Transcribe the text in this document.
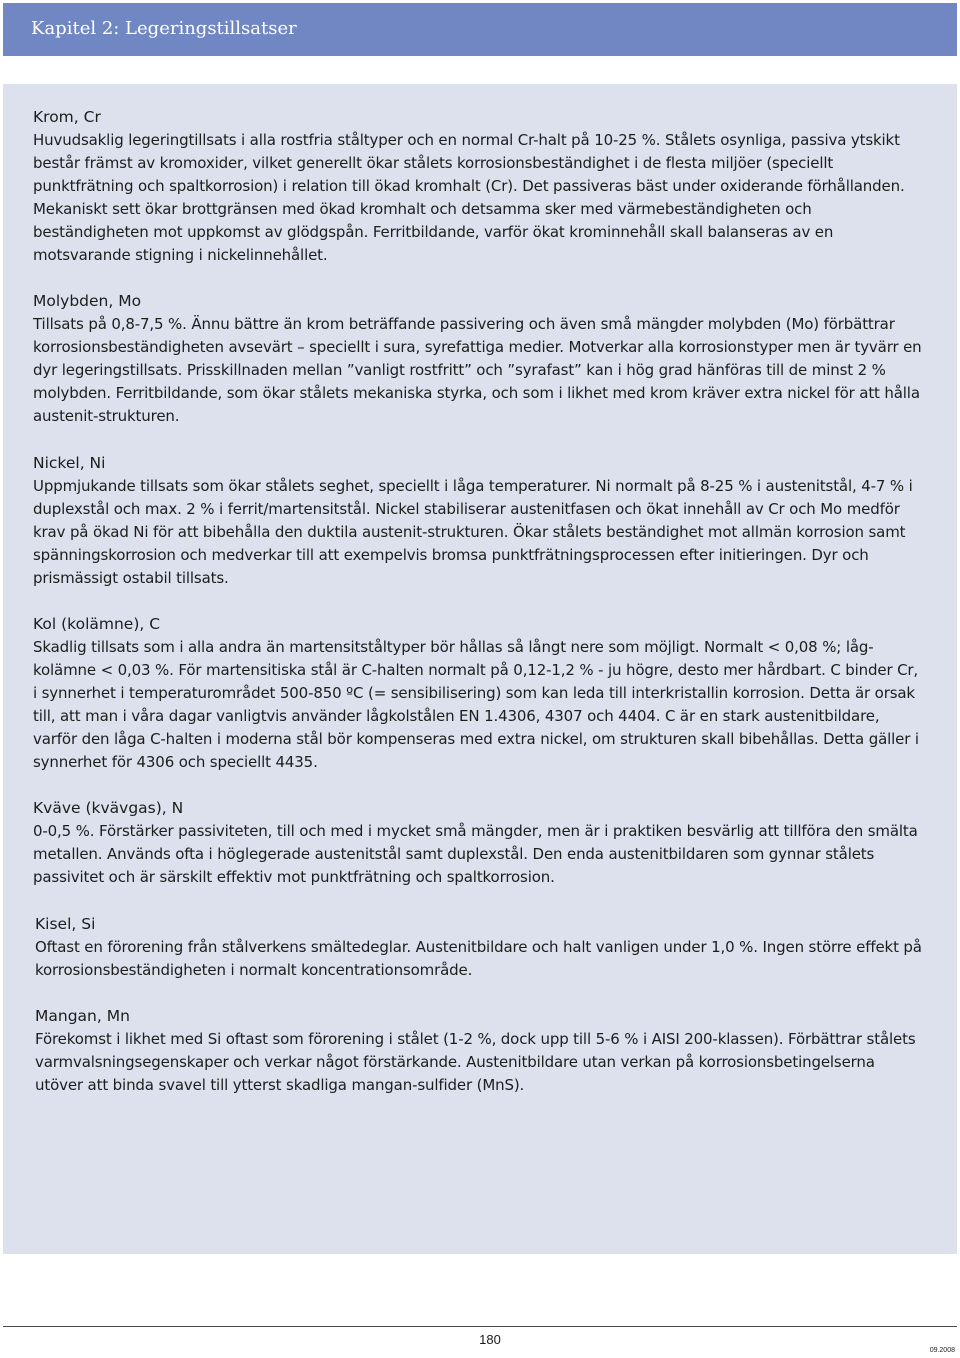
Kapitel 2: Legeringstillsatser

Krom, Cr

Huvudsaklig legeringtillsats i alla rostfria ståltyper och en normal Cr-halt på 10-25 %. Stålets osynliga, passiva ytskikt består främst av kromoxider, vilket generellt ökar stålets korrosionsbeständighet i de flesta miljöer (speciellt punktfrätning och spaltkorrosion) i relation till ökad kromhalt (Cr). Det passiveras bäst under oxiderande förhållanden. Mekaniskt sett ökar brottgränsen med ökad kromhalt och detsamma sker med värmebeständigheten och beständigheten mot uppkomst av glödgspån. Ferritbildande, varför ökat krominnehåll skall balanseras av en motsvarande stigning i nickelinnehållet.

Molybden, Mo

Tillsats på 0,8-7,5 %. Ännu bättre än krom beträffande passivering och även små mängder molybden (Mo) förbättrar korrosionsbeständigheten avsevärt – speciellt i sura, syrefattiga medier. Motverkar alla korrosionstyper men är tyvärr en dyr legeringstillsats. Prisskillnaden mellan ”vanligt rostfritt” och ”syrafast” kan i hög grad hänföras till de minst 2 % molybden. Ferritbildande, som ökar stålets mekaniska styrka, och som i likhet med krom kräver extra nickel för att hålla austenit-strukturen.

Nickel, Ni

Uppmjukande tillsats som ökar stålets seghet, speciellt i låga temperaturer. Ni normalt på 8-25 % i austenitstål, 4-7 % i duplexstål och max. 2 % i ferrit/martensitstål. Nickel stabiliserar austenitfasen och ökat innehåll av Cr och Mo medför krav på ökad Ni för att bibehålla den duktila austenit-strukturen. Ökar stålets beständighet mot allmän korrosion samt spänningskorrosion och medverkar till att exempelvis bromsa punktfrätningsprocessen efter initieringen. Dyr och prismässigt ostabil tillsats.

Kol (kolämne), C

Skadlig tillsats som i alla andra än martensitståltyper bör hållas så långt nere som möjligt. Normalt < 0,08 %; låg-kolämne < 0,03 %. För martensitiska stål är C-halten normalt på 0,12-1,2 % - ju högre, desto mer hårdbart. C binder Cr, i synnerhet i temperaturområdet 500-850 ºC (= sensibilisering) som kan leda till interkristallin korrosion. Detta är orsak till, att man i våra dagar vanligtvis använder lågkolstålen EN 1.4306, 4307 och 4404. C är en stark austenitbildare, varför den låga C-halten i moderna stål bör kompenseras med extra nickel, om strukturen skall bibehållas. Detta gäller i synnerhet för 4306 och speciellt 4435.

Kväve (kvävgas), N

0-0,5 %. Förstärker passiviteten, till och med i mycket små mängder, men är i praktiken besvärlig att tillföra den smälta metallen. Används ofta i höglegerade austenitstål samt duplexstål. Den enda austenitbildaren som gynnar stålets passivitet och är särskilt effektiv mot punktfrätning och spaltkorrosion.

Kisel, Si

Oftast en förorening från stålverkens smältedeglar. Austenitbildare och halt vanligen under 1,0 %. Ingen större effekt på korrosionsbeständigheten i normalt koncentrationsområde.

Mangan, Mn

Förekomst i likhet med Si oftast som förorening i stålet (1-2 %, dock upp till 5-6 % i AISI 200-klassen). Förbättrar stålets varmvalsningsegenskaper och verkar något förstärkande. Austenitbildare utan verkan på korrosionsbetingelserna utöver att binda svavel till ytterst skadliga mangan-sulfider (MnS).

180
09.2008
